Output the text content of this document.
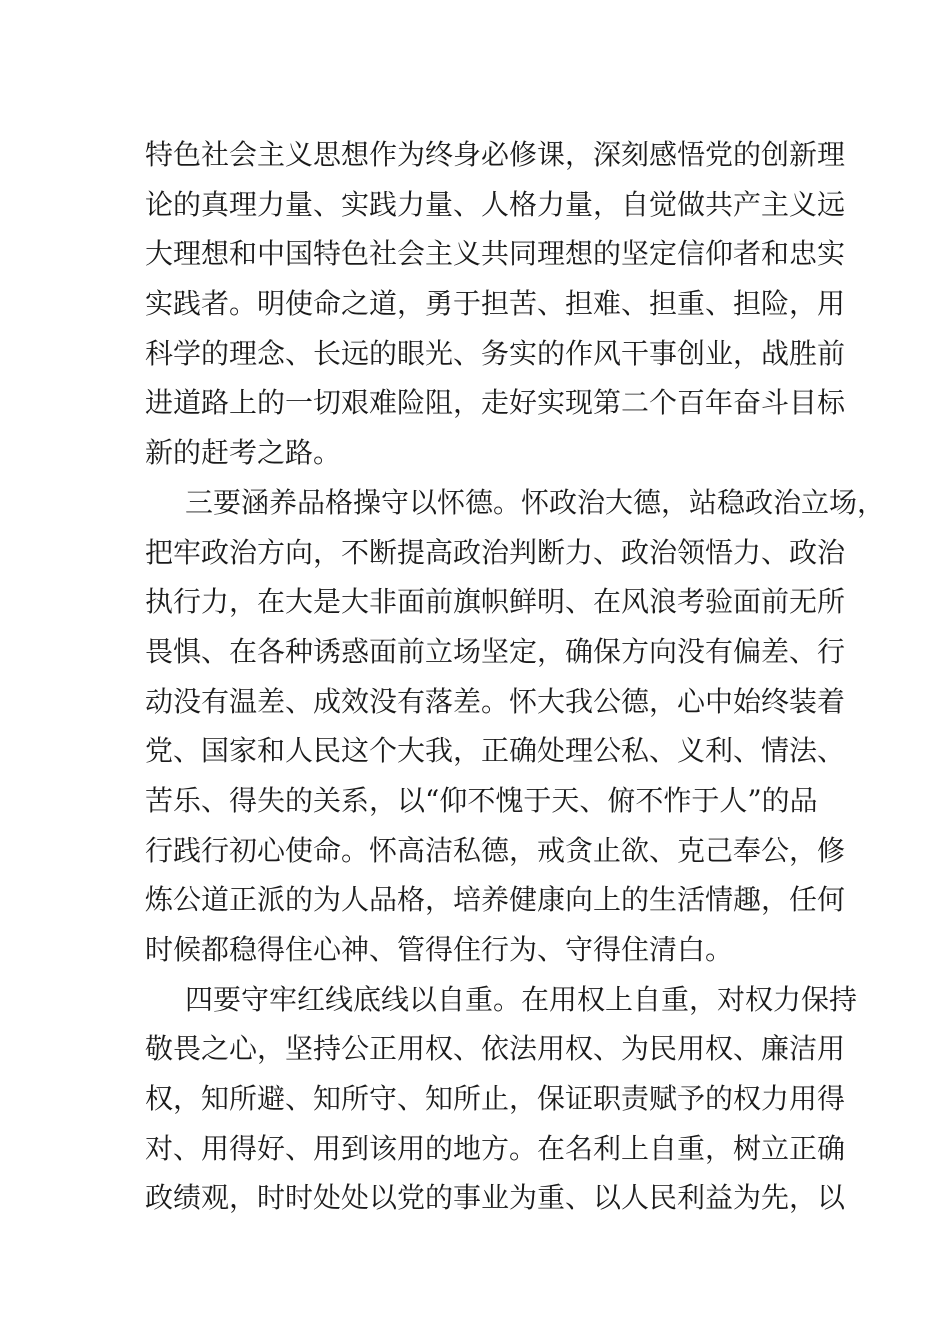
特色社会主义思想作为终身必修课，深刻感悟党的创新理
论的真理力量、实践力量、人格力量，自觉做共产主义远
大理想和中国特色社会主义共同理想的坚定信仰者和忠实
实践者。明使命之道，勇于担苦、担难、担重、担险，用
科学的理念、长远的眼光、务实的作风干事创业，战胜前
进道路上的一切艰难险阻，走好实现第二个百年奋斗目标
新的赶考之路。
三要涵养品格操守以怀德。怀政治大德，站稳政治立场，
把牢政治方向，不断提高政治判断力、政治领悟力、政治
执行力，在大是大非面前旗帜鲜明、在风浪考验面前无所
畏惧、在各种诱惑面前立场坚定，确保方向没有偏差、行
动没有温差、成效没有落差。怀大我公德，心中始终装着
党、国家和人民这个大我，正确处理公私、义利、情法、
苦乐、得失的关系，以“仰不愧于天、俯不怍于人”的品
行践行初心使命。怀高洁私德，戒贪止欲、克己奉公，修
炼公道正派的为人品格，培养健康向上的生活情趣，任何
时候都稳得住心神、管得住行为、守得住清白。
四要守牢红线底线以自重。在用权上自重，对权力保持
敬畏之心，坚持公正用权、依法用权、为民用权、廉洁用
权，知所避、知所守、知所止，保证职责赋予的权力用得
对、用得好、用到该用的地方。在名利上自重，树立正确
政绩观，时时处处以党的事业为重、以人民利益为先，以
